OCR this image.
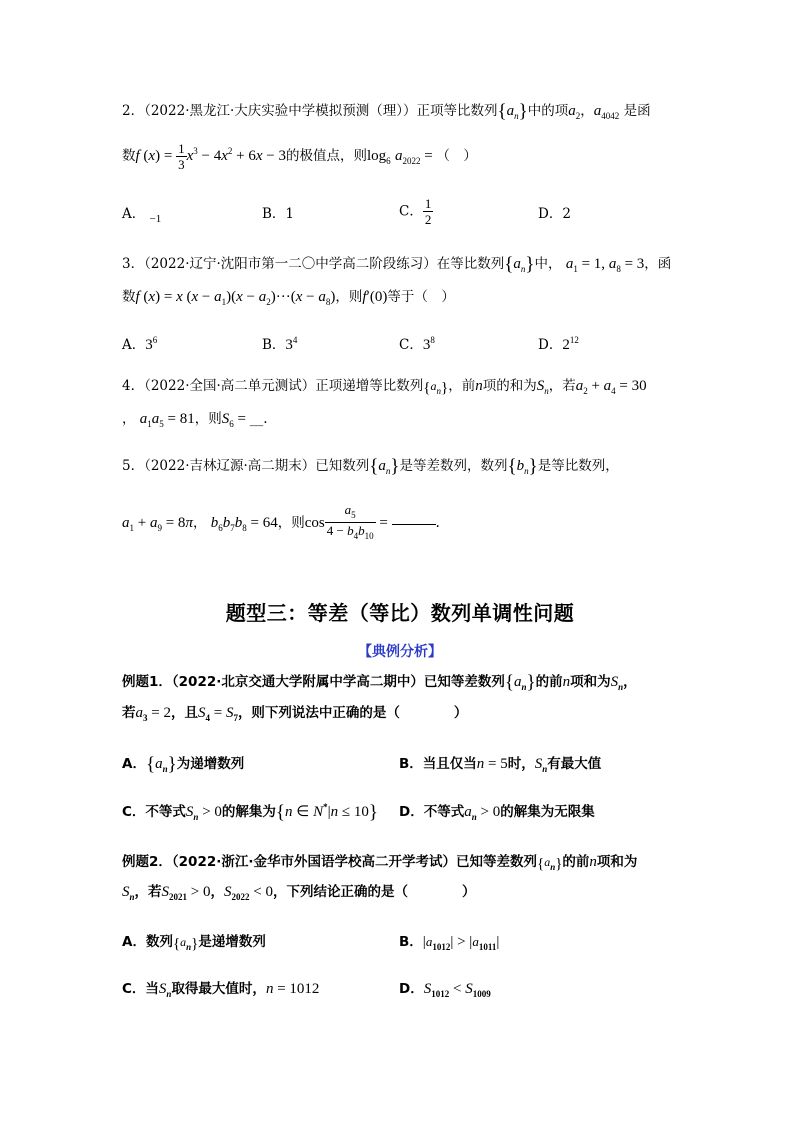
2．（2022·黑龙江·大庆实验中学模拟预测（理））正项等比数列$\{a_n\}$中的项$a_2$，$a_{4042}$ 是函
数f $(x) = \frac{1}{3} x^3 - 4x^2 + 6x - 3$的极值点，则$\log_6 a_{2022}$ = （　）
A． $_{-1}$	B．1	C． $\frac{1}{2}$	D．2
3．（2022·辽宁·沈阳市第一二〇中学高二阶段练习）在等比数列$\{a_n\}$中， $a_1 = 1$, $a_8 = 3$，函
数f (x) = x $(x - a_1)(x - a_2)\cdot\cdot\cdot(x - a_8)$，则f′(0)等于（　）
A．$3^6$	B．$3^4$	C．$3^8$	D．$2^{12}$
4．（2022·全国·高二单元测试）正项递增等比数列$\{a_n\}$，前n项的和为$S_n$，若$a_2 + a_4 = 30$
， $a_1a_5 = 81$，则$S_6$ = __.
5．（2022·吉林辽源·高二期末）已知数列$\{a_n\}$是等差数列，数列$\{b_n\}$是等比数列，
$a_1 + a_9 = 8\pi$， $b_6b_7b_8 = 64$，则$\cos \frac{a_5}{4 - b_4b_{10}}$ =	.
题型三：等差（等比）数列单调性问题
【典例分析】
例题1．（2022·北京交通大学附属中学高二期中）已知等差数列$\{a_n\}$的前n项和为$S_n$，
若$a_3 = 2$，且$S_4 = S_7$，则下列说法中正确的是（　　　　）
A．$\{a_n\}$为递增数列	B．当且仅当n = 5时，$S_n$有最大值
C．不等式$S_n > 0$的解集为{n ∈ N*|n ≤ 10} D．不等式$a_n > 0$的解集为无限集
例题2．（2022·浙江·金华市外国语学校高二开学考试）已知等差数列$\{a_n\}$的前n项和为
$S_n$，若$S_{2021} > 0$，$S_{2022} < 0$，下列结论正确的是（　　　　）
A．数列$\{a_n\}$是递增数列	B．$|a_{1012}| > |a_{1011}|$
C．当$S_n$取得最大值时，n = 1012	D．$S_{1012} < S_{1009}$
